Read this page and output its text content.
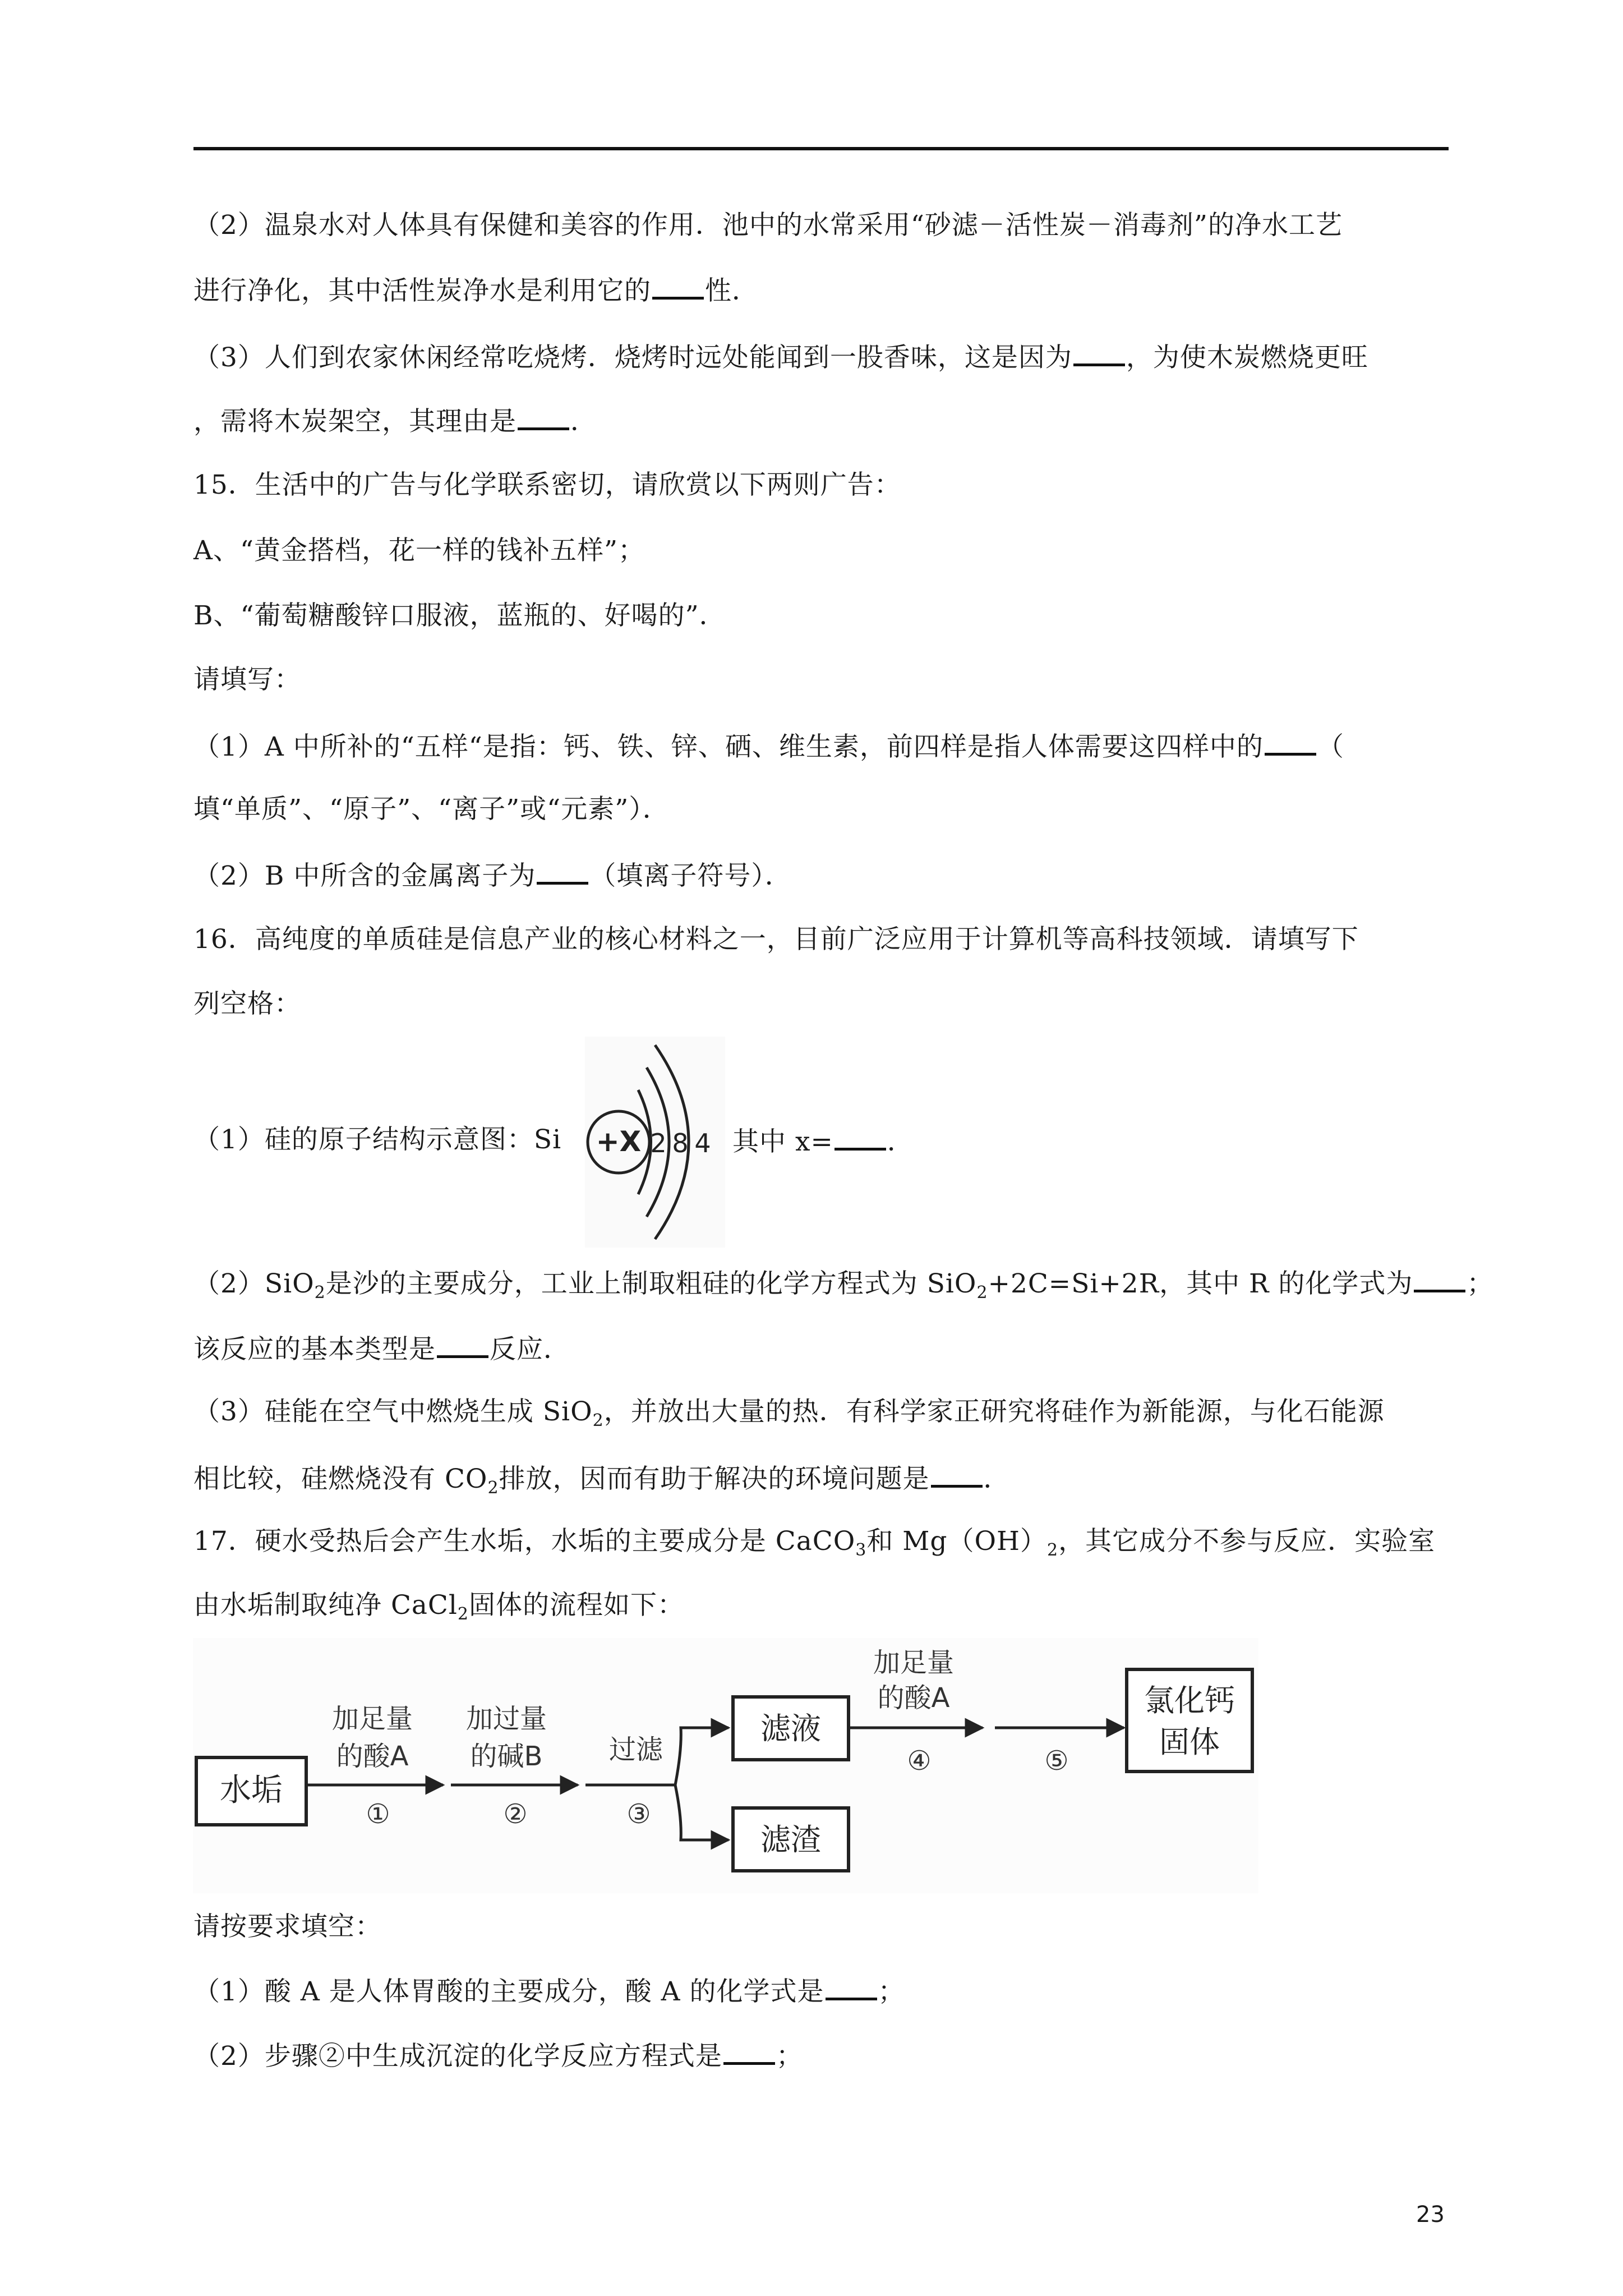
（2）温泉水对人体具有保健和美容的作用．池中的水常采用“砂滤－活性炭－消毒剂”的净水工艺
进行净化，其中活性炭净水是利用它的 性．
（3）人们到农家休闲经常吃烧烤．烧烤时远处能闻到一股香味，这是因为 ，为使木炭燃烧更旺
，需将木炭架空，其理由是 ．
15．生活中的广告与化学联系密切，请欣赏以下两则广告：
A、“黄金搭档，花一样的钱补五样”；
B、“葡萄糖酸锌口服液，蓝瓶的、好喝的”．
请填写：
（1）A 中所补的“五样“是指：钙、铁、锌、硒、维生素，前四样是指人体需要这四样中的 （
填“单质”、“原子”、“离子”或“元素”）．
（2）B 中所含的金属离子为 （填离子符号）．
16．高纯度的单质硅是信息产业的核心材料之一，目前广泛应用于计算机等高科技领域．请填写下
列空格：
（1）硅的原子结构示意图：Si	其中 x= ．
+X 2 8 4
（2）SiO$_2$是沙的主要成分，工业上制取粗硅的化学方程式为 SiO$_2$+2C=Si+2R，其中 R 的化学式为 ；
该反应的基本类型是 反应．
（3）硅能在空气中燃烧生成 SiO$_2$，并放出大量的热．有科学家正研究将硅作为新能源，与化石能源
相比较，硅燃烧没有 $CO_2$排放，因而有助于解决的环境问题是 ．
17．硬水受热后会产生水垢，水垢的主要成分是 CaCO$_3$和 $Mg(OH)_2$，其它成分不参与反应．实验室
由水垢制取纯净 CaCl$_2$固体的流程如下：
水垢
加足量
的酸A
①
加过量
的碱B
②
过滤
③
滤液
滤渣
加足量
的酸A
④	⑤
氯化钙
固体
请按要求填空：
（1）酸 A 是人体胃酸的主要成分，酸 A 的化学式是 ；
（2）步骤②中生成沉淀的化学反应方程式是 ；
23
